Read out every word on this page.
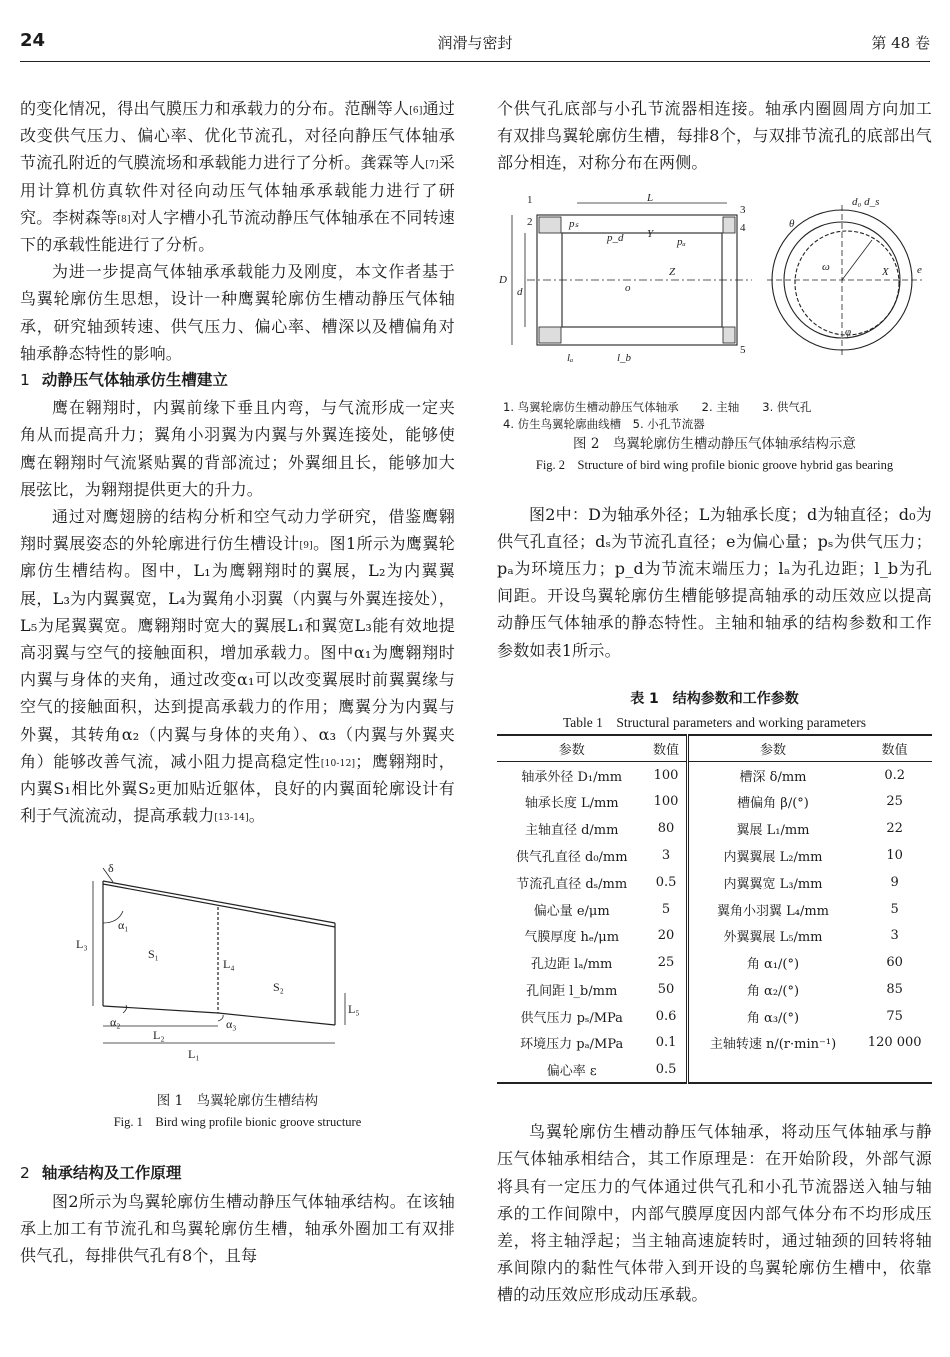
24	润滑与密封	第 48 卷

的变化情况，得出气膜压力和承载力的分布。范酬等人[6]通过改变供气压力、偏心率、优化节流孔，对径向静压气体轴承节流孔附近的气膜流场和承载能力进行了分析。龚霖等人[7]采用计算机仿真软件对径向动压气体轴承承载能力进行了研究。李树森等[8]对人字槽小孔节流动静压气体轴承在不同转速下的承载性能进行了分析。

为进一步提高气体轴承承载能力及刚度，本文作者基于鸟翼轮廓仿生思想，设计一种鹰翼轮廓仿生槽动静压气体轴承，研究轴颈转速、供气压力、偏心率、槽深以及槽偏角对轴承静态特性的影响。

1 动静压气体轴承仿生槽建立

鹰在翱翔时，内翼前缘下垂且内弯，与气流形成一定夹角从而提高升力；翼角小羽翼为内翼与外翼连接处，能够使鹰在翱翔时气流紧贴翼的背部流过；外翼细且长，能够加大展弦比，为翱翔提供更大的升力。

通过对鹰翅膀的结构分析和空气动力学研究，借鉴鹰翱翔时翼展姿态的外轮廓进行仿生槽设计[9]。图1所示为鹰翼轮廓仿生槽结构。图中，L₁为鹰翱翔时的翼展，L₂为内翼翼展，L₃为内翼翼宽，L₄为翼角小羽翼（内翼与外翼连接处），L₅为尾翼翼宽。鹰翱翔时宽大的翼展L₁和翼宽L₃能有效地提高羽翼与空气的接触面积，增加承载力。图中α₁为鹰翱翔时内翼与身体的夹角，通过改变α₁可以改变翼展时前翼翼缘与空气的接触面积，达到提高承载力的作用；鹰翼分为内翼与外翼，其转角α₂（内翼与身体的夹角）、α₃（内翼与外翼夹角）能够改善气流，减小阻力提高稳定性[10-12]；鹰翱翔时，内翼S₁相比外翼S₂更加贴近躯体，良好的内翼面轮廓设计有利于气流流动，提高承载力[13-14]。

δ
α₁
α₂	α₃
L₁
L₂
L₃
L₄
L₅
S₁
S₂
图 1　鸟翼轮廓仿生槽结构
Fig. 1　Bird wing profile bionic groove structure
2 轴承结构及工作原理

图2所示为鸟翼轮廓仿生槽动静压气体轴承结构。在该轴承上加工有节流孔和鸟翼轮廓仿生槽，轴承外圈加工有双排供气孔，每排供气孔有8个，且每

个供气孔底部与小孔节流器相连接。轴承内圈圆周方向加工有双排鸟翼轮廓仿生槽，每排8个，与双排节流孔的底部出气部分相连，对称分布在两侧。

1
2
3
4
5
L
D
d
pₛ
pₐ
p_d Y
o
Z
lₐ	l_b
d₀ d_s
θ
ω	X	e
φ
1. 鸟翼轮廓仿生槽动静压气体轴承　　2. 主轴　　3. 供气孔
4. 仿生鸟翼轮廓曲线槽　5. 小孔节流器
图 2　鸟翼轮廓仿生槽动静压气体轴承结构示意
Fig. 2　Structure of bird wing profile bionic groove hybrid gas bearing

图2中：D为轴承外径；L为轴承长度；d为轴直径；d₀为供气孔直径；dₛ为节流孔直径；e为偏心量；pₛ为供气压力；pₐ为环境压力；p_d为节流末端压力；lₐ为孔边距；l_b为孔间距。开设鸟翼轮廓仿生槽能够提高轴承的动压效应以提高动静压气体轴承的静态特性。主轴和轴承的结构参数和工作参数如表1所示。

表 1　结构参数和工作参数
Table 1　Structural parameters and working parameters
参数	数值	参数	数值
轴承外径 D₁/mm	100	槽深 δ/mm	0.2
轴承长度 L/mm	100	槽偏角 β/(°)	25
主轴直径 d/mm	80	翼展 L₁/mm	22
供气孔直径 d₀/mm	3	内翼翼展 L₂/mm	10
节流孔直径 dₛ/mm	0.5	内翼翼宽 L₃/mm	9
偏心量 e/μm	5	翼角小羽翼 L₄/mm	5
气膜厚度 hₑ/μm	20	外翼翼展 L₅/mm	3
孔边距 lₐ/mm	25	角 α₁/(°)	60
孔间距 l_b/mm	50	角 α₂/(°)	85
供气压力 pₛ/MPa	0.6	角 α₃/(°)	75
环境压力 pₐ/MPa	0.1	主轴转速 n/(r·min⁻¹)	120 000
偏心率 ε	0.5		

鸟翼轮廓仿生槽动静压气体轴承，将动压气体轴承与静压气体轴承相结合，其工作原理是：在开始阶段，外部气源将具有一定压力的气体通过供气孔和小孔节流器送入轴与轴承的工作间隙中，内部气膜厚度因内部气体分布不均形成压差，将主轴浮起；当主轴高速旋转时，通过轴颈的回转将轴承间隙内的黏性气体带入到开设的鸟翼轮廓仿生槽中，依靠槽的动压效应形成动压承载。
